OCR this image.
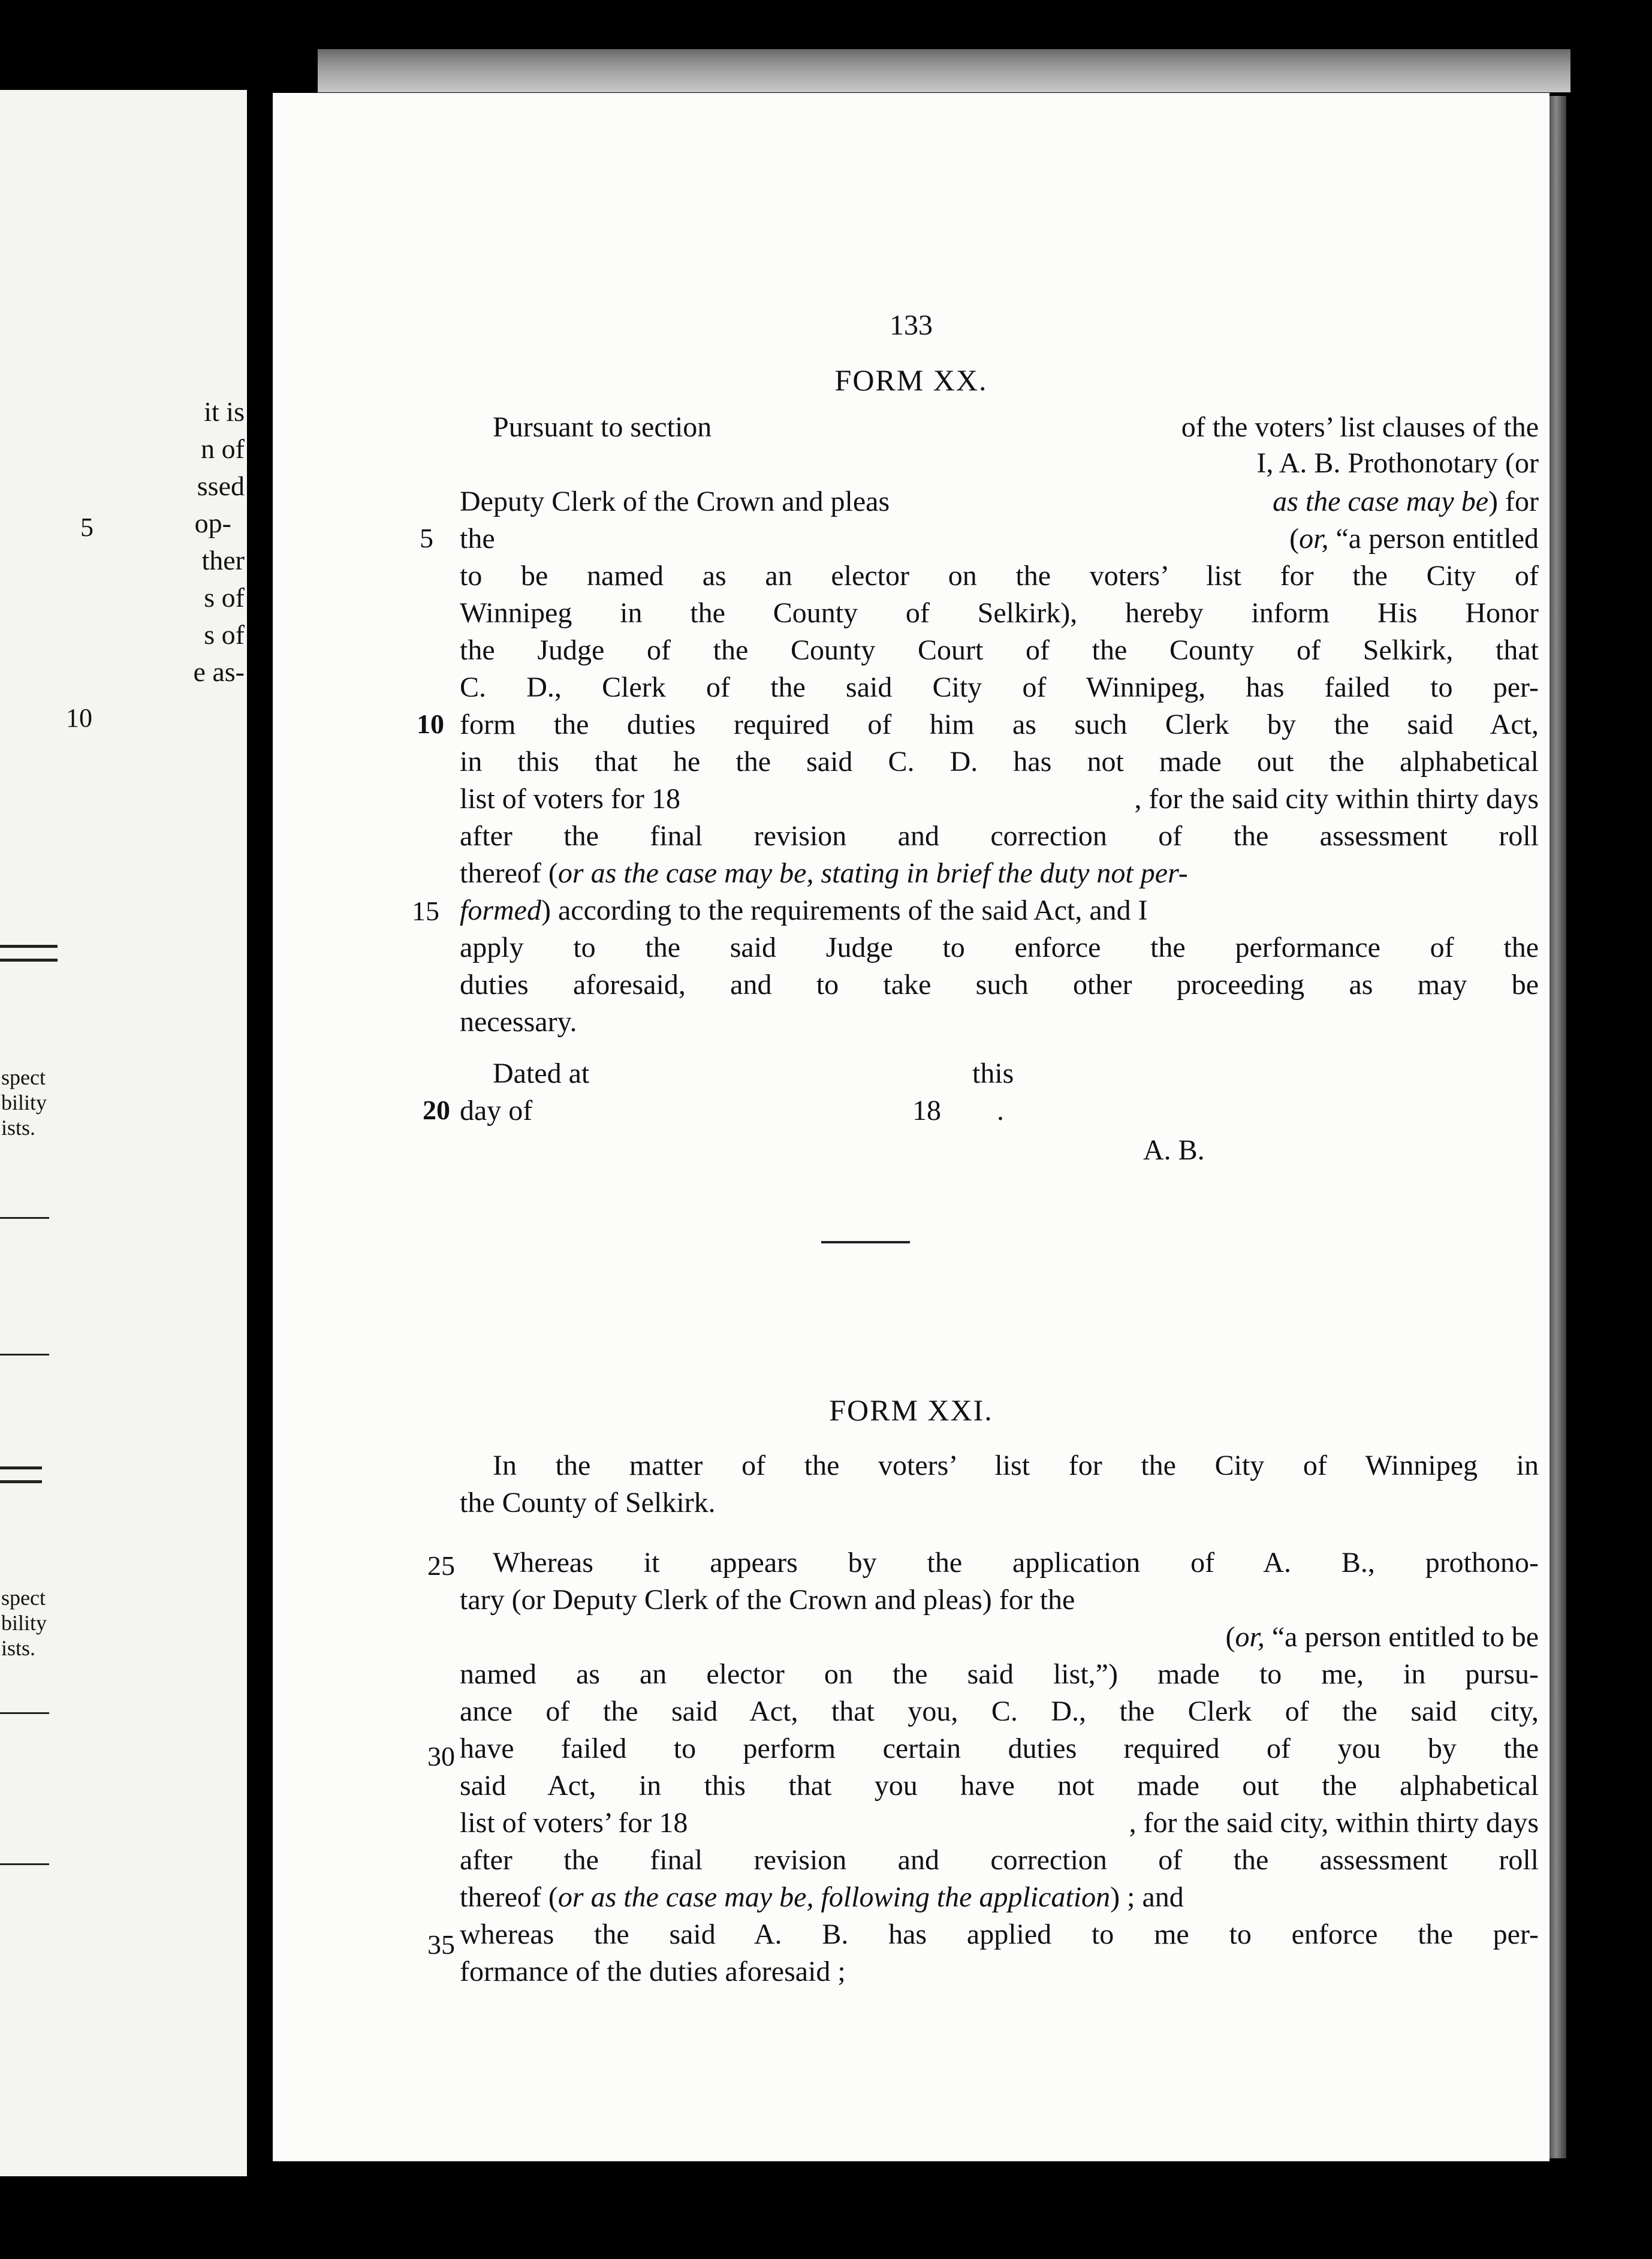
it is
n of
ssed
op-
ther
s of
s of
e as-
5
10
spect
bility
ists.
spect
bility
ists.
133
FORM XX.
Pursuant to section	of the voters’ list clauses of the
I, A. B. Prothonotary (or
Deputy Clerk of the Crown and pleas	as the case may be) for
the	(or, “a person entitled
to be named as an elector on the voters’ list for the City of
Winnipeg in the County of Selkirk), hereby inform His Honor
the Judge of the County Court of the County of Selkirk, that
C. D., Clerk of the said City of Winnipeg, has failed to per-
form the duties required of him as such Clerk by the said Act,
in this that he the said C. D. has not made out the alphabetical
list of voters for 18	, for the said city within thirty days
after the final revision and correction of the assessment roll
thereof (or as the case may be, stating in brief the duty not per-
formed) according to the requirements of the said Act, and I
apply to the said Judge to enforce the performance of the
duties aforesaid, and to take such other proceeding as may be
necessary.
Dated at	this
day of	18 .
A. B.
FORM XXI.
In the matter of the voters’ list for the City of Winnipeg in
the County of Selkirk.
Whereas it appears by the application of A. B., prothono-
tary (or Deputy Clerk of the Crown and pleas) for the
(or, “a person entitled to be
named as an elector on the said list,”) made to me, in pursu-
ance of the said Act, that you, C. D., the Clerk of the said city,
have failed to perform certain duties required of you by the
said Act, in this that you have not made out the alphabetical
list of voters’ for 18	, for the said city, within thirty days
after the final revision and correction of the assessment roll
thereof (or as the case may be, following the application) ; and
whereas the said A. B. has applied to me to enforce the per-
formance of the duties aforesaid ;
5
10
15
20
25
30
35
